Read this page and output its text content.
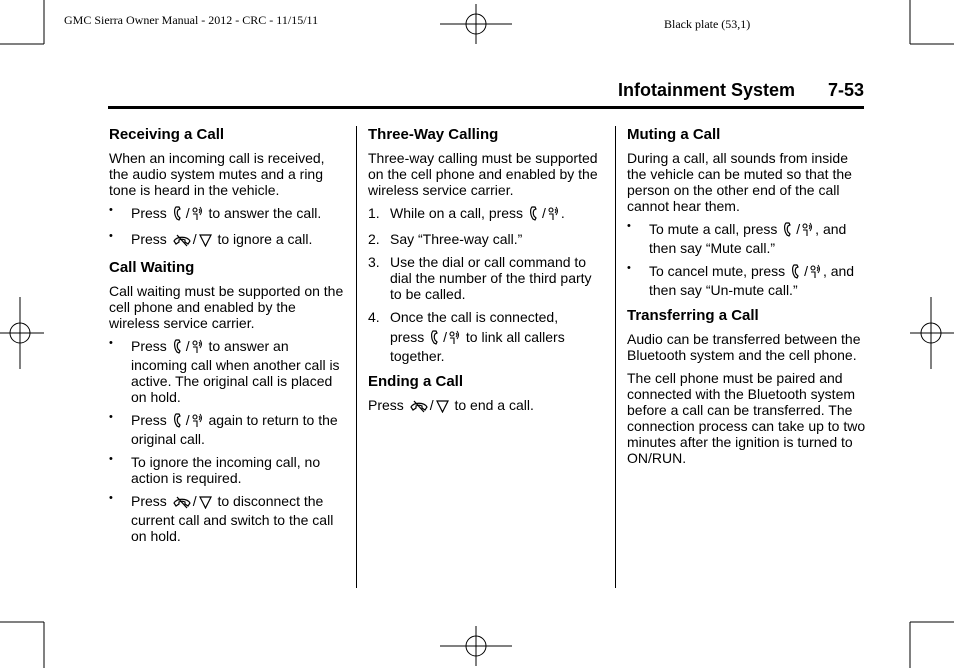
GMC Sierra Owner Manual - 2012 - CRC - 11/15/11	Black plate (53,1)
Infotainment System 7-53
Receiving a Call

When an incoming call is received, the audio system mutes and a ring tone is heard in the vehicle.

• Press / to answer the call.
• Press / to ignore a call.
Call Waiting

Call waiting must be supported on the cell phone and enabled by the wireless service carrier.

• Press / to answer an incoming call when another call is active. The original call is placed on hold.
• Press / again to return to the original call.
• To ignore the incoming call, no action is required.
• Press / to disconnect the current call and switch to the call on hold.
Three-Way Calling

Three-way calling must be supported on the cell phone and enabled by the wireless service carrier.

1. While on a call, press / .
2. Say “Three-way call.”
3. Use the dial or call command to dial the number of the third party to be called.
4. Once the call is connected,
press / to link all callers together.
Ending a Call

Press / to end a call.

Muting a Call

During a call, all sounds from inside the vehicle can be muted so that the person on the other end of the call cannot hear them.

• To mute a call, press / , and then say “Mute call.”
• To cancel mute, press / , and then say “Un-mute call.”
Transferring a Call

Audio can be transferred between the Bluetooth system and the cell phone.

The cell phone must be paired and connected with the Bluetooth system before a call can be transferred. The connection process can take up to two minutes after the ignition is turned to ON/RUN.
